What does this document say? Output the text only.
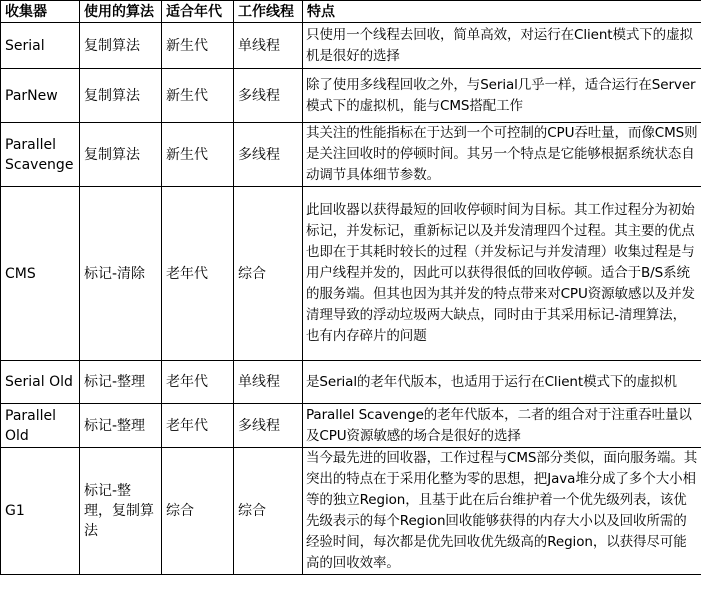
收集器	使用的算法	适合年代	工作线程	特点
Serial	复制算法	新生代	单线程	只使用一个线程去回收，简单高效，对运行在Client模式下的虚拟机是很好的选择
ParNew	复制算法	新生代	多线程	除了使用多线程回收之外，与Serial几乎一样，适合运行在Server模式下的虚拟机，能与CMS搭配工作
Parallel Scavenge	复制算法	新生代	多线程	其关注的性能指标在于达到一个可控制的CPU吞吐量，而像CMS则是关注回收时的停顿时间。其另一个特点是它能够根据系统状态自动调节具体细节参数。
CMS	标记-清除	老年代	综合	此回收器以获得最短的回收停顿时间为目标。其工作过程分为初始标记，并发标记，重新标记以及并发清理四个过程。其主要的优点也即在于其耗时较长的过程（并发标记与并发清理）收集过程是与用户线程并发的，因此可以获得很低的回收停顿。适合于B/S系统的服务端。但其也因为其并发的特点带来对CPU资源敏感以及并发清理导致的浮动垃圾两大缺点，同时由于其采用标记-清理算法，也有内存碎片的问题
Serial Old	标记-整理	老年代	单线程	是Serial的老年代版本，也适用于运行在Client模式下的虚拟机
Parallel Old	标记-整理	老年代	多线程	Parallel Scavenge的老年代版本，二者的组合对于注重吞吐量以及CPU资源敏感的场合是很好的选择
G1	标记-整理，复制算法	综合	综合	当今最先进的回收器，工作过程与CMS部分类似，面向服务端。其突出的特点在于采用化整为零的思想，把Java堆分成了多个大小相等的独立Region，且基于此在后台维护着一个优先级列表，该优先级表示的每个Region回收能够获得的内存大小以及回收所需的经验时间，每次都是优先回收优先级高的Region，以获得尽可能高的回收效率。
